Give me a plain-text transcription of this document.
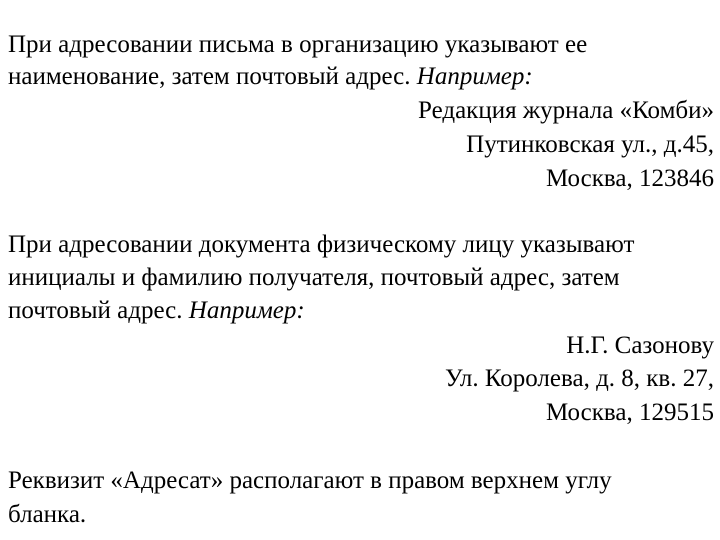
При адресовании письма в организацию указывают ее
наименование, затем почтовый адрес. Например:
Редакция журнала «Комби»
Путинковская ул., д.45,
Москва, 123846
При адресовании документа физическому лицу указывают
инициалы и фамилию получателя, почтовый адрес, затем
почтовый адрес. Например:
Н.Г. Сазонову
Ул. Королева, д. 8, кв. 27,
Москва, 129515
Реквизит «Адресат» располагают в правом верхнем углу
бланка.
